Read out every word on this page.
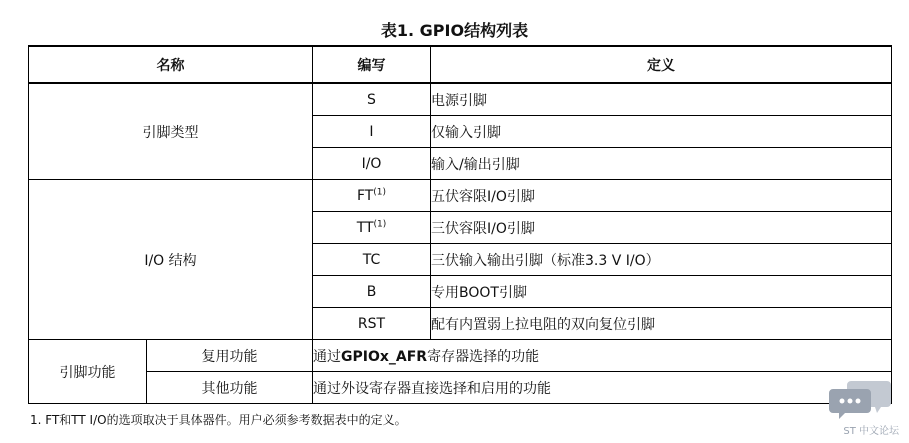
表1. GPIO结构列表
名称		编写	定义
引脚类型		S	电源引脚
		I	仅输入引脚
		I/O	输入/输出引脚
I/O 结构		FT$^{(1)}$	五伏容限I/O引脚
		TT$^{(1)}$	三伏容限I/O引脚
		TC	三伏输入输出引脚（标准3.3 V I/O）
		B	专用BOOT引脚
		RST	配有内置弱上拉电阻的双向复位引脚
引脚功能	复用功能	通过GPIOx_AFR寄存器选择的功能	
	其他功能	通过外设寄存器直接选择和启用的功能	
1. FT和TT I/O的选项取决于具体器件。用户必须参考数据表中的定义。
ST 中文论坛
